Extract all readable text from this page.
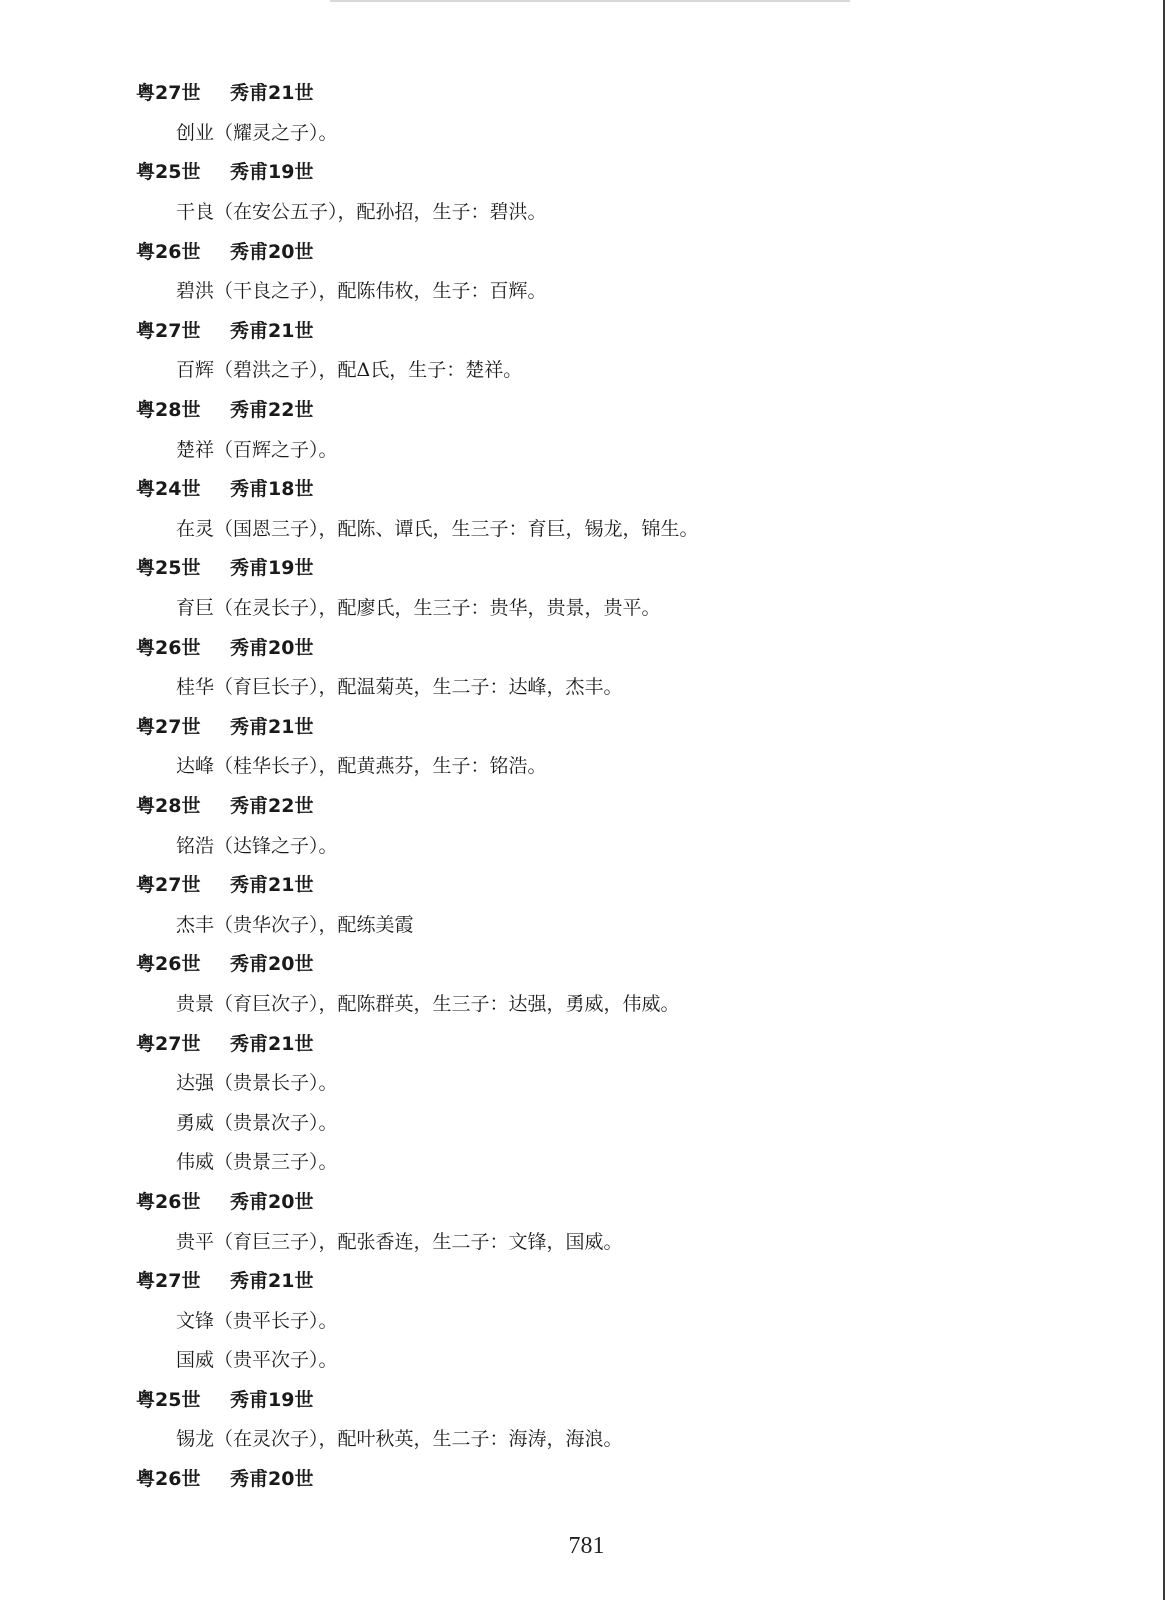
粤27世	秀甫21世
创业 （耀灵之子）。
粤25世	秀甫19世
干良 （在安公五子），配孙招，生子：碧洪。
粤26世	秀甫20世
碧洪 （干良之子），配陈伟枚，生子：百辉。
粤27世	秀甫21世
百辉 （碧洪之子），配Δ氏，生子：楚祥。
粤28世	秀甫22世
楚祥 （百辉之子）。
粤24世	秀甫18世
在灵 （国恩三子），配陈、谭氏，生三子：育巨，锡龙，锦生。
粤25世	秀甫19世
育巨 （在灵长子），配廖氏，生三子：贵华，贵景，贵平。
粤26世	秀甫20世
桂华 （育巨长子），配温菊英，生二子：达峰，杰丰。
粤27世	秀甫21世
达峰 （桂华长子），配黄燕芬，生子：铭浩。
粤28世	秀甫22世
铭浩 （达锋之子）。
粤27世	秀甫21世
杰丰 （贵华次子），配练美霞
粤26世	秀甫20世
贵景 （育巨次子），配陈群英，生三子：达强，勇威，伟威。
粤27世	秀甫21世
达强 （贵景长子）。
勇威 （贵景次子）。
伟威 （贵景三子）。
粤26世	秀甫20世
贵平 （育巨三子），配张香连，生二子：文锋，国威。
粤27世	秀甫21世
文锋 （贵平长子）。
国威 （贵平次子）。
粤25世	秀甫19世
锡龙 （在灵次子），配叶秋英，生二子：海涛，海浪。
粤26世	秀甫20世
781
